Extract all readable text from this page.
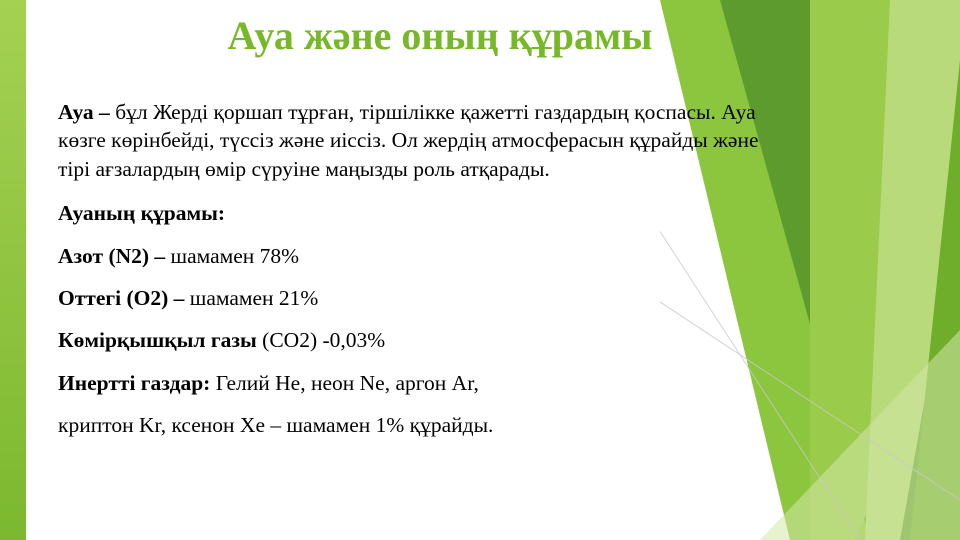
Ауа және оның құрамы

Ауа – бұл Жерді қоршап тұрған, тіршілікке қажетті газдардың қоспасы. Ауа көзге көрінбейді, түссіз және иіссіз. Ол жердің атмосферасын құрайды және тірі ағзалардың өмір сүруіне маңызды роль атқарады.

Ауаның құрамы:

Азот (N2) – шамамен 78%

Оттегі (О2) – шамамен 21%

Көмірқышқыл газы (СО2) -0,03%

Инертті газдар: Гелий He, неон Ne, аргон Ar,

криптон Kr, ксенон Xe – шамамен 1% құрайды.
